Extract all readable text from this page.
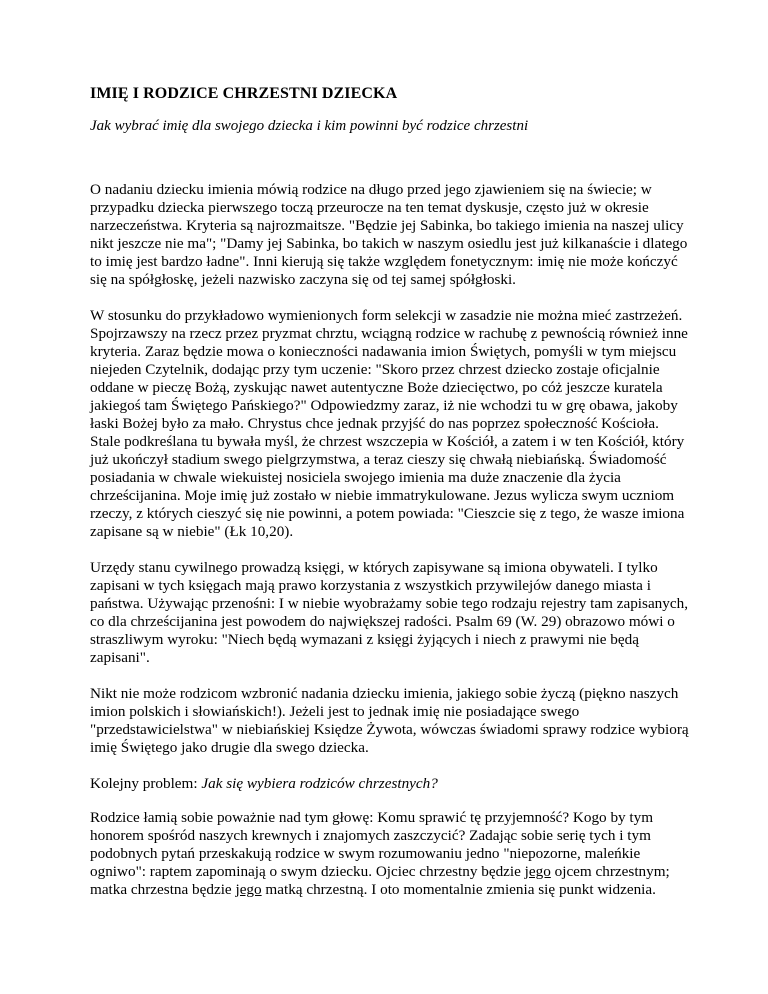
IMIĘ I RODZICE CHRZESTNI DZIECKA
Jak wybrać imię dla swojego dziecka i kim powinni być rodzice chrzestni

O nadaniu dziecku imienia mówią rodzice na długo przed jego zjawieniem się na świecie; w przypadku dziecka pierwszego toczą przeurocze na ten temat dyskusje, często już w okresie narzeczeństwa. Kryteria są najrozmaitsze. "Będzie jej Sabinka, bo takiego imienia na naszej ulicy nikt jeszcze nie ma"; "Damy jej Sabinka, bo takich w naszym osiedlu jest już kilkanaście i dlatego to imię jest bardzo ładne". Inni kierują się także względem fonetycznym: imię nie może kończyć się na spółgłoskę, jeżeli nazwisko zaczyna się od tej samej spółgłoski.

W stosunku do przykładowo wymienionych form selekcji w zasadzie nie można mieć zastrzeżeń. Spojrzawszy na rzecz przez pryzmat chrztu, wciągną rodzice w rachubę z pewnością również inne kryteria. Zaraz będzie mowa o konieczności nadawania imion Świętych, pomyśli w tym miejscu niejeden Czytelnik, dodając przy tym uczenie: "Skoro przez chrzest dziecko zostaje oficjalnie oddane w pieczę Bożą, zyskując nawet autentyczne Boże dziecięctwo, po cóż jeszcze kuratela jakiegoś tam Świętego Pańskiego?" Odpowiedzmy zaraz, iż nie wchodzi tu w grę obawa, jakoby łaski Bożej było za mało. Chrystus chce jednak przyjść do nas poprzez społeczność Kościoła. Stale podkreślana tu bywała myśl, że chrzest wszczepia w Kościół, a zatem i w ten Kościół, który już ukończył stadium swego pielgrzymstwa, a teraz cieszy się chwałą niebiańską. Świadomość posiadania w chwale wiekuistej nosiciela swojego imienia ma duże znaczenie dla życia chrześcijanina. Moje imię już zostało w niebie immatrykulowane. Jezus wylicza swym uczniom rzeczy, z których cieszyć się nie powinni, a potem powiada: "Cieszcie się z tego, że wasze imiona zapisane są w niebie" (Łk 10,20).

Urzędy stanu cywilnego prowadzą księgi, w których zapisywane są imiona obywateli. I tylko zapisani w tych księgach mają prawo korzystania z wszystkich przywilejów danego miasta i państwa. Używając przenośni: I w niebie wyobrażamy sobie tego rodzaju rejestry tam zapisanych, co dla chrześcijanina jest powodem do największej radości. Psalm 69 (W. 29) obrazowo mówi o straszliwym wyroku: "Niech będą wymazani z księgi żyjących i niech z prawymi nie będą zapisani".

Nikt nie może rodzicom wzbronić nadania dziecku imienia, jakiego sobie życzą (piękno naszych imion polskich i słowiańskich!). Jeżeli jest to jednak imię nie posiadające swego "przedstawicielstwa" w niebiańskiej Księdze Żywota, wówczas świadomi sprawy rodzice wybiorą imię Świętego jako drugie dla swego dziecka.

Kolejny problem: Jak się wybiera rodziców chrzestnych?

Rodzice łamią sobie poważnie nad tym głowę: Komu sprawić tę przyjemność? Kogo by tym honorem spośród naszych krewnych i znajomych zaszczycić? Zadając sobie serię tych i tym podobnych pytań przeskakują rodzice w swym rozumowaniu jedno "niepozorne, maleńkie ogniwo": raptem zapominają o swym dziecku. Ojciec chrzestny będzie jego ojcem chrzestnym; matka chrzestna będzie jego matką chrzestną. I oto momentalnie zmienia się punkt widzenia.
